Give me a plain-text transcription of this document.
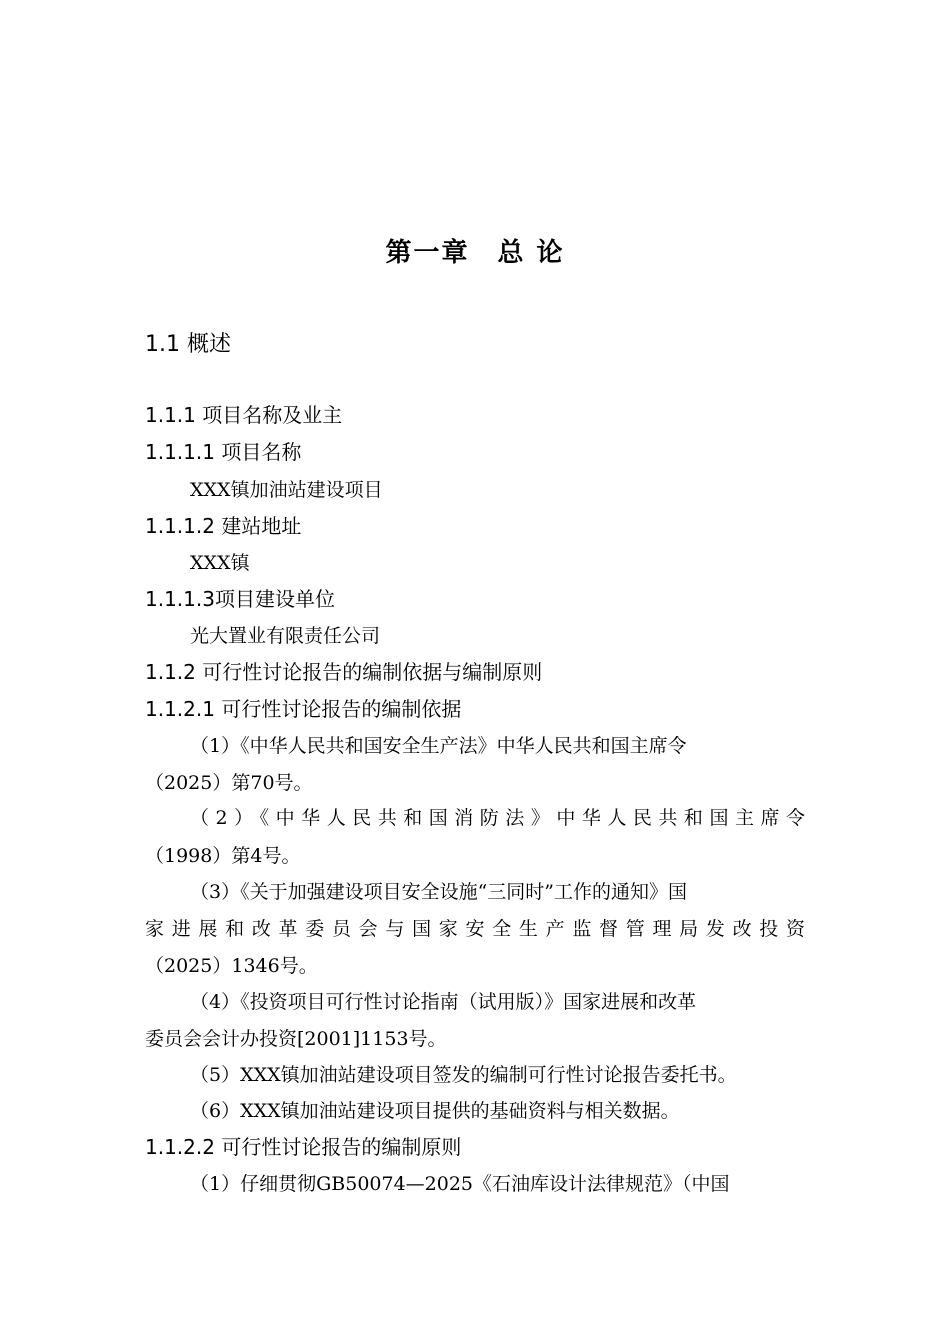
第一章　总 论
1.1 概述
1.1.1 项目名称及业主
1.1.1.1 项目名称
XXX镇加油站建设项目
1.1.1.2 建站地址
XXX镇
1.1.1.3项目建设单位
光大置业有限责任公司
1.1.2 可行性讨论报告的编制依据与编制原则
1.1.2.1 可行性讨论报告的编制依据
（1）《中华人民共和国安全生产法》中华人民共和国主席令
（2025）第70号。
（2）《中华人民共和国消防法》中华人民共和国主席令
（1998）第4号。
（3）《关于加强建设项目安全设施“三同时”工作的通知》国
家进展和改革委员会与国家安全生产监督管理局发改投资
（2025）1346号。
（4）《投资项目可行性讨论指南（试用版）》国家进展和改革
委员会会计办投资[2001]1153号。
（5）XXX镇加油站建设项目签发的编制可行性讨论报告委托书。
（6）XXX镇加油站建设项目提供的基础资料与相关数据。
1.1.2.2 可行性讨论报告的编制原则
（1）仔细贯彻GB50074—2025《石油库设计法律规范》（中国
